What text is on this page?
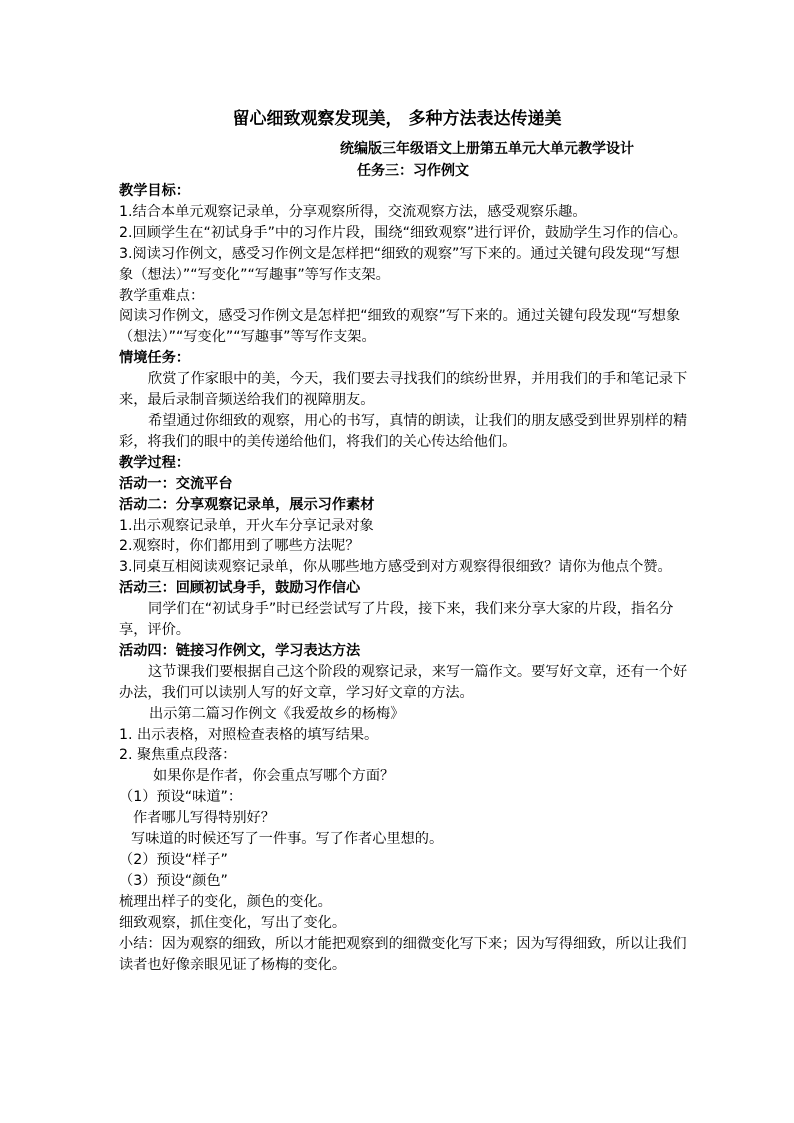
留心细致观察发现美， 多种方法表达传递美
统编版三年级语文上册第五单元大单元教学设计
任务三：习作例文

教学目标：

1.结合本单元观察记录单，分享观察所得，交流观察方法，感受观察乐趣。

2.回顾学生在“初试身手”中的习作片段，围绕“细致观察”进行评价，鼓励学生习作的信心。

3.阅读习作例文，感受习作例文是怎样把“细致的观察”写下来的。通过关键句段发现“写想象（想法）”“写变化”“写趣事”等写作支架。

教学重难点：

阅读习作例文，感受习作例文是怎样把“细致的观察”写下来的。通过关键句段发现“写想象（想法）”“写变化”“写趣事”等写作支架。

情境任务：

欣赏了作家眼中的美，今天，我们要去寻找我们的缤纷世界，并用我们的手和笔记录下来，最后录制音频送给我们的视障朋友。

希望通过你细致的观察，用心的书写，真情的朗读，让我们的朋友感受到世界别样的精彩，将我们的眼中的美传递给他们，将我们的关心传达给他们。

教学过程：

活动一：交流平台

活动二：分享观察记录单，展示习作素材

1.出示观察记录单，开火车分享记录对象

2.观察时，你们都用到了哪些方法呢？

3.同桌互相阅读观察记录单，你从哪些地方感受到对方观察得很细致？请你为他点个赞。

活动三：回顾初试身手，鼓励习作信心

同学们在“初试身手”时已经尝试写了片段，接下来，我们来分享大家的片段，指名分享，评价。

活动四：链接习作例文，学习表达方法

这节课我们要根据自己这个阶段的观察记录，来写一篇作文。要写好文章，还有一个好办法，我们可以读别人写的好文章，学习好文章的方法。

出示第二篇习作例文《我爱故乡的杨梅》

1. 出示表格，对照检查表格的填写结果。

2. 聚焦重点段落：

如果你是作者，你会重点写哪个方面？

（1）预设“味道”：

作者哪儿写得特别好？

写味道的时候还写了一件事。写了作者心里想的。

（2）预设“样子”

（3）预设“颜色”

梳理出样子的变化，颜色的变化。

细致观察，抓住变化，写出了变化。

小结：因为观察的细致，所以才能把观察到的细微变化写下来；因为写得细致，所以让我们读者也好像亲眼见证了杨梅的变化。
